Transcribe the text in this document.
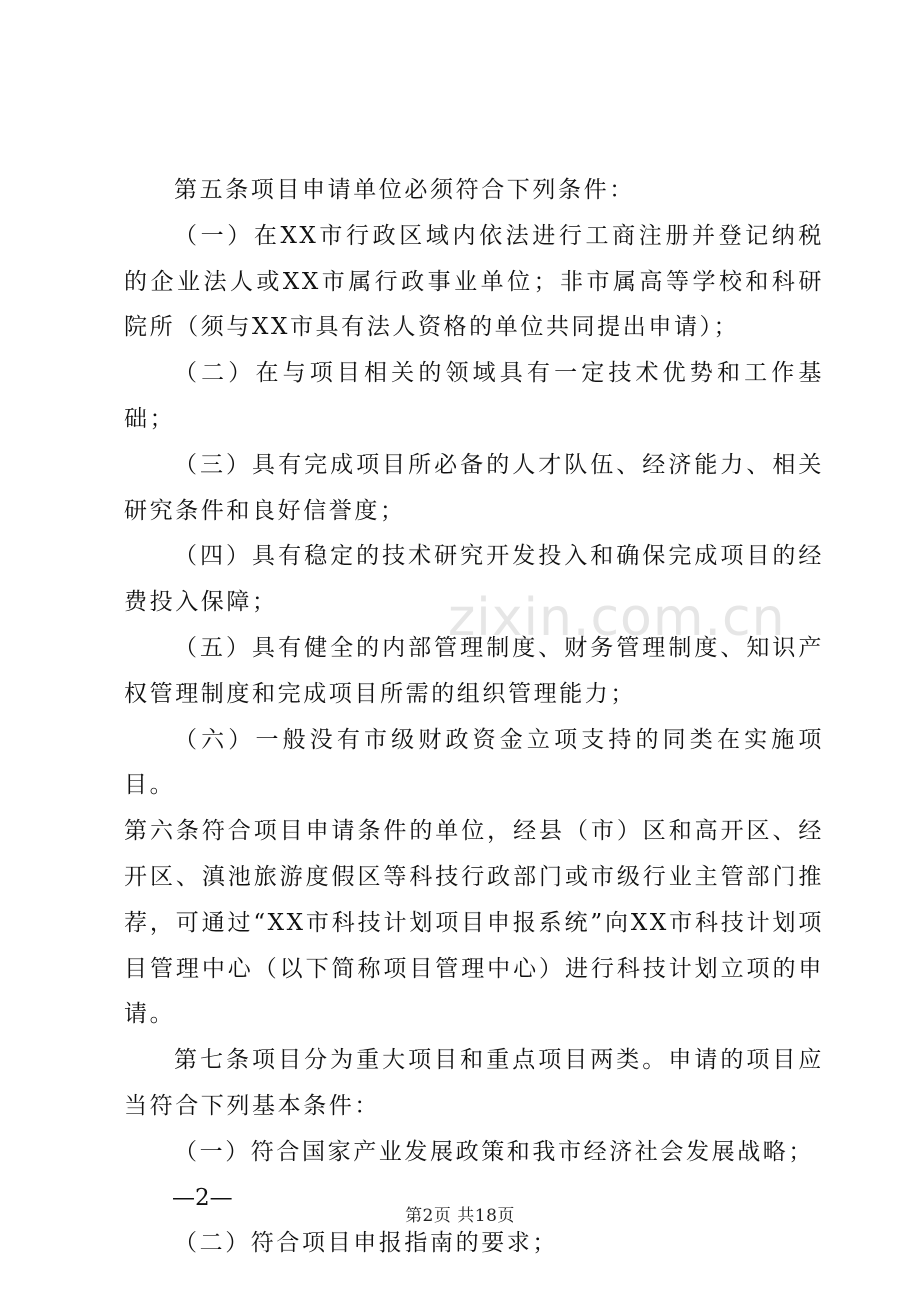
zixin.com.cn

第五条项目申请单位必须符合下列条件：

（一）在XX市行政区域内依法进行工商注册并登记纳税的企业法人或XX市属行政事业单位；非市属高等学校和科研院所（须与XX市具有法人资格的单位共同提出申请）；

（二）在与项目相关的领域具有一定技术优势和工作基础；

（三）具有完成项目所必备的人才队伍、经济能力、相关研究条件和良好信誉度；

（四）具有稳定的技术研究开发投入和确保完成项目的经费投入保障；

（五）具有健全的内部管理制度、财务管理制度、知识产权管理制度和完成项目所需的组织管理能力；

（六）一般没有市级财政资金立项支持的同类在实施项目。

第六条符合项目申请条件的单位，经县（市）区和高开区、经开区、滇池旅游度假区等科技行政部门或市级行业主管部门推荐，可通过“XX市科技计划项目申报系统”向XX市科技计划项目管理中心（以下简称项目管理中心）进行科技计划立项的申请。

第七条项目分为重大项目和重点项目两类。申请的项目应当符合下列基本条件：

（一）符合国家产业发展政策和我市经济社会发展战略；

—2—

（二）符合项目申报指南的要求；

第2页 共18页
